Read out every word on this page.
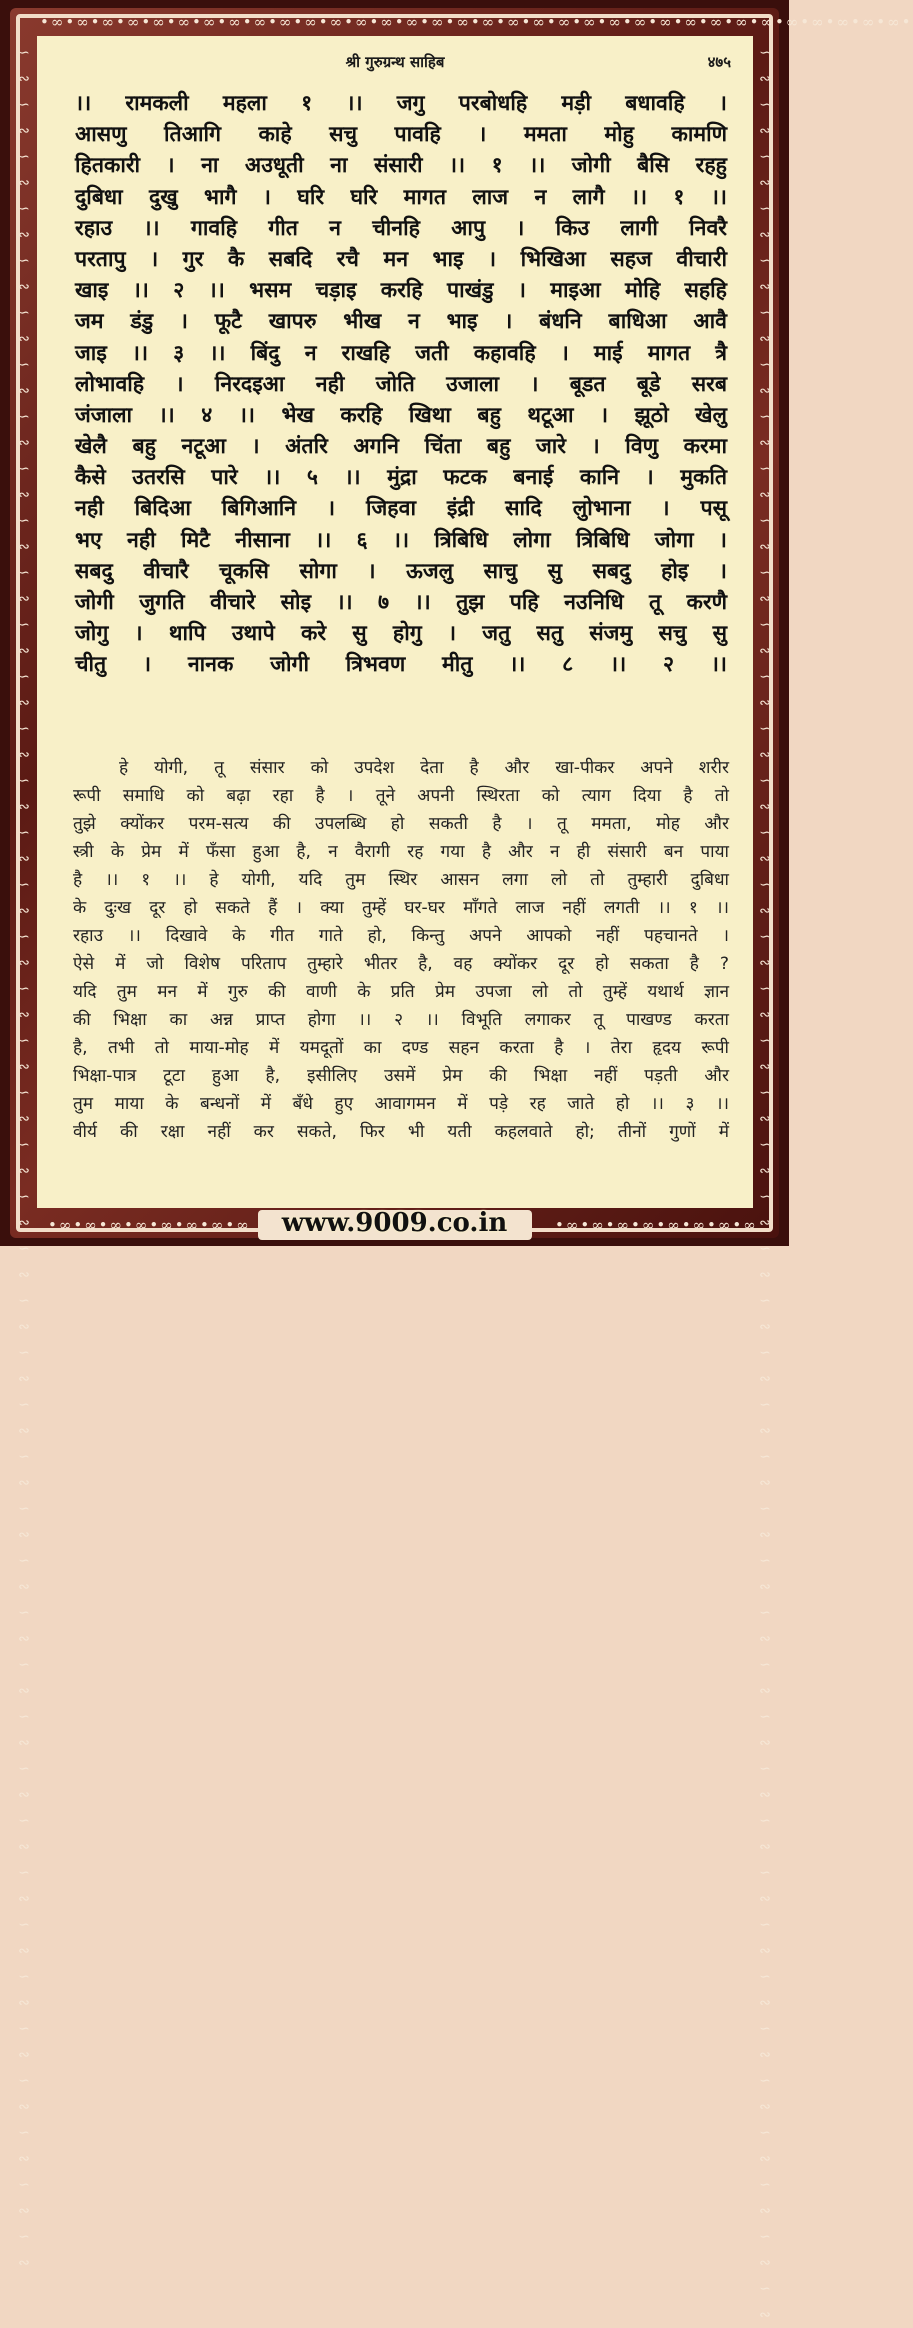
•∞•∞•∞•∞•∞•∞•∞•∞•∞•∞•∞•∞•∞•∞•∞•∞•∞•∞•∞•∞•∞•∞•∞•∞•∞•∞•∞•∞•∞•∞•∞•∞•∞•∞•
∽∾∽∾∽∾∽∾∽∾∽∾∽∾∽∾∽∾∽∾∽∾∽∾∽∾∽∾∽∾∽∾∽∾∽∾∽∾∽∾∽∾∽∾∽∾∽∾∽∾∽∾∽∾∽∾∽∾∽∾∽∾∽∾∽∾∽∾∽∾∽∾∽∾∽∾∽∾∽∾∽∾∽∾∽∾
∽∾∽∾∽∾∽∾∽∾∽∾∽∾∽∾∽∾∽∾∽∾∽∾∽∾∽∾∽∾∽∾∽∾∽∾∽∾∽∾∽∾∽∾∽∾∽∾∽∾∽∾∽∾∽∾∽∾∽∾∽∾∽∾∽∾∽∾∽∾∽∾∽∾∽∾∽∾∽∾∽∾∽∾∽∾∽∾
श्री गुरुग्रन्थ साहिब	४७५
।। रामकली महला १ ।। जगु परबोधहि मड़ी बधावहि ।
आसणु तिआगि काहे सचु पावहि । ममता मोहु कामणि
हितकारी । ना अउधूती ना संसारी ।। १ ।। जोगी बैसि रहहु
दुबिधा दुखु भागै । घरि घरि मागत लाज न लागै ।। १ ।।
रहाउ ।। गावहि गीत न चीनहि आपु । किउ लागी निवरै
परतापु । गुर कै सबदि रचै मन भाइ । भिखिआ सहज वीचारी
खाइ ।। २ ।। भसम चड़ाइ करहि पाखंडु । माइआ मोहि सहहि
जम डंडु । फूटै खापरु भीख न भाइ । बंधनि बाधिआ आवै
जाइ ।। ३ ।। बिंदु न राखहि जती कहावहि । माई मागत त्रै
लोभावहि । निरदइआ नही जोति उजाला । बूडत बूडे सरब
जंजाला ।। ४ ।। भेख करहि खिथा बहु थटूआ । झूठो खेलु
खेलै बहु नटूआ । अंतरि अगनि चिंता बहु जारे । विणु करमा
कैसे उतरसि पारे ।। ५ ।। मुंद्रा फटक बनाई कानि । मुकति
नही बिदिआ बिगिआनि । जिहवा इंद्री सादि लुोभाना । पसू
भए नही मिटै नीसाना ।। ६ ।। त्रिबिधि लोगा त्रिबिधि जोगा ।
सबदु वीचारै चूकसि सोगा । ऊजलु साचु सु सबदु होइ ।
जोगी जुगति वीचारे सोइ ।। ७ ।। तुझ पहि नउनिधि तू करणै
जोगु । थापि उथापे करे सु होगु । जतु सतु संजमु सचु सु
चीतु । नानक जोगी त्रिभवण मीतु ।। ८ ।। २ ।।
हे योगी, तू संसार को उपदेश देता है और खा-पीकर अपने शरीर
रूपी समाधि को बढ़ा रहा है । तूने अपनी स्थिरता को त्याग दिया है तो
तुझे क्योंकर परम-सत्य की उपलब्धि हो सकती है । तू ममता, मोह और
स्त्री के प्रेम में फँसा हुआ है, न वैरागी रह गया है और न ही संसारी बन पाया
है ।। १ ।। हे योगी, यदि तुम स्थिर आसन लगा लो तो तुम्हारी दुबिधा
के दुःख दूर हो सकते हैं । क्या तुम्हें घर-घर माँगते लाज नहीं लगती ।। १ ।।
रहाउ ।। दिखावे के गीत गाते हो, किन्तु अपने आपको नहीं पहचानते ।
ऐसे में जो विशेष परिताप तुम्हारे भीतर है, वह क्योंकर दूर हो सकता है ?
यदि तुम मन में गुरु की वाणी के प्रति प्रेम उपजा लो तो तुम्हें यथार्थ ज्ञान
की भिक्षा का अन्न प्राप्त होगा ।। २ ।। विभूति लगाकर तू पाखण्ड करता
है, तभी तो माया-मोह में यमदूतों का दण्ड सहन करता है । तेरा हृदय रूपी
भिक्षा-पात्र टूटा हुआ है, इसीलिए उसमें प्रेम की भिक्षा नहीं पड़ती और
तुम माया के बन्धनों में बँधे हुए आवागमन में पड़े रह जाते हो ।। ३ ।।
वीर्य की रक्षा नहीं कर सकते, फिर भी यती कहलवाते हो; तीनों गुणों में
•∞•∞•∞•∞•∞•∞•∞•∞	•∞•∞•∞•∞•∞•∞•∞•∞
www.9009.co.in
